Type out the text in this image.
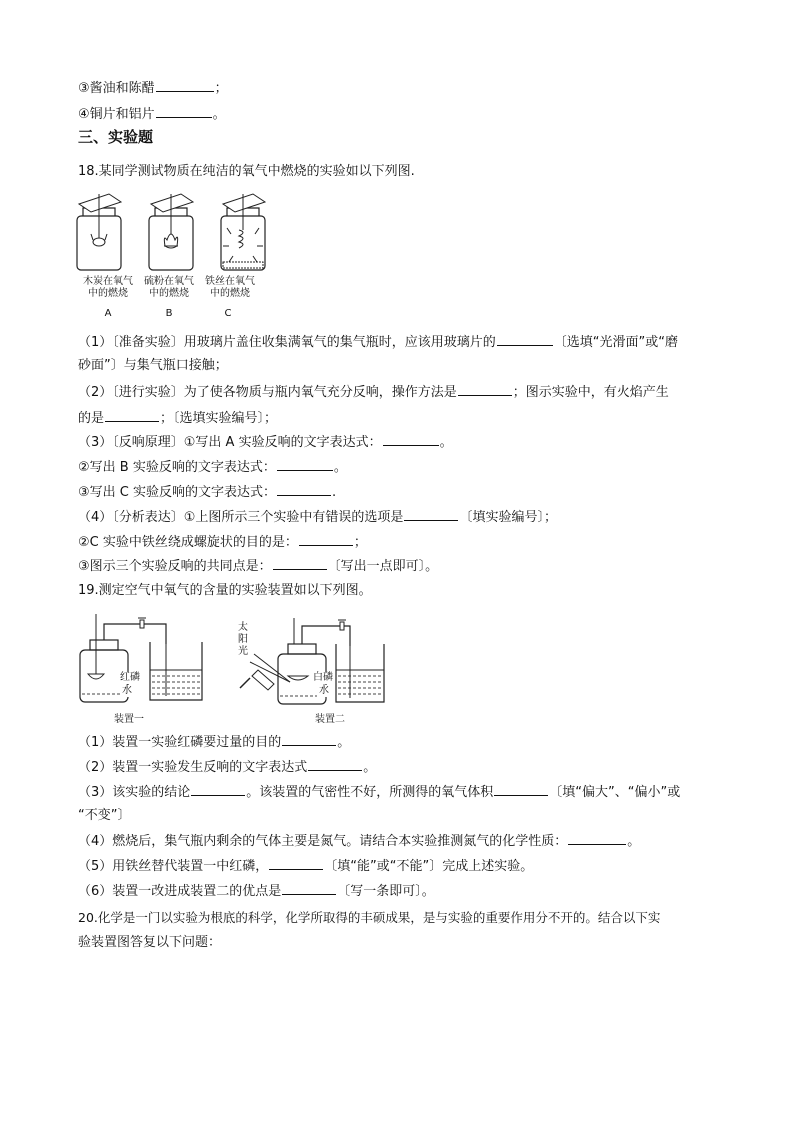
③酱油和陈醋	；
④铜片和铝片	。
三、实验题
18.某同学测试物质在纯洁的氧气中燃烧的实验如以下列图.
木炭在氧气
中的燃烧
硫粉在氧气
中的燃烧
铁丝在氧气
中的燃烧
A	B	C
（1）〔准备实验〕用玻璃片盖住收集满氧气的集气瓶时，应该用玻璃片的	〔选填“光滑面”或“磨
砂面”〕与集气瓶口接触；
（2）〔进行实验〕为了使各物质与瓶内氧气充分反响，操作方法是	；图示实验中，有火焰产生
的是	；〔选填实验编号〕；
（3）〔反响原理〕①写出 A 实验反响的文字表达式：	。
②写出 B 实验反响的文字表达式：	。
③写出 C 实验反响的文字表达式：	.
（4）〔分析表达〕①上图所示三个实验中有错误的选项是	〔填实验编号〕；
②C 实验中铁丝绕成螺旋状的目的是：	；
③图示三个实验反响的共同点是：	〔写出一点即可〕。
19.测定空气中氧气的含量的实验装置如以下列图。
红磷
水
装置一
太
阳
光
白磷
水
装置二
（1）装置一实验红磷要过量的目的	。
（2）装置一实验发生反响的文字表达式	。
（3）该实验的结论	。该装置的气密性不好，所测得的氧气体积	〔填“偏大”、“偏小”或
“不变”〕
（4）燃烧后，集气瓶内剩余的气体主要是氮气。请结合本实验推测氮气的化学性质：	。
（5）用铁丝替代装置一中红磷，	〔填“能”或“不能”〕完成上述实验。
（6）装置一改进成装置二的优点是	〔写一条即可〕。
20.化学是一门以实验为根底的科学，化学所取得的丰硕成果，是与实验的重要作用分不开的。结合以下实
验装置图答复以下问题：
